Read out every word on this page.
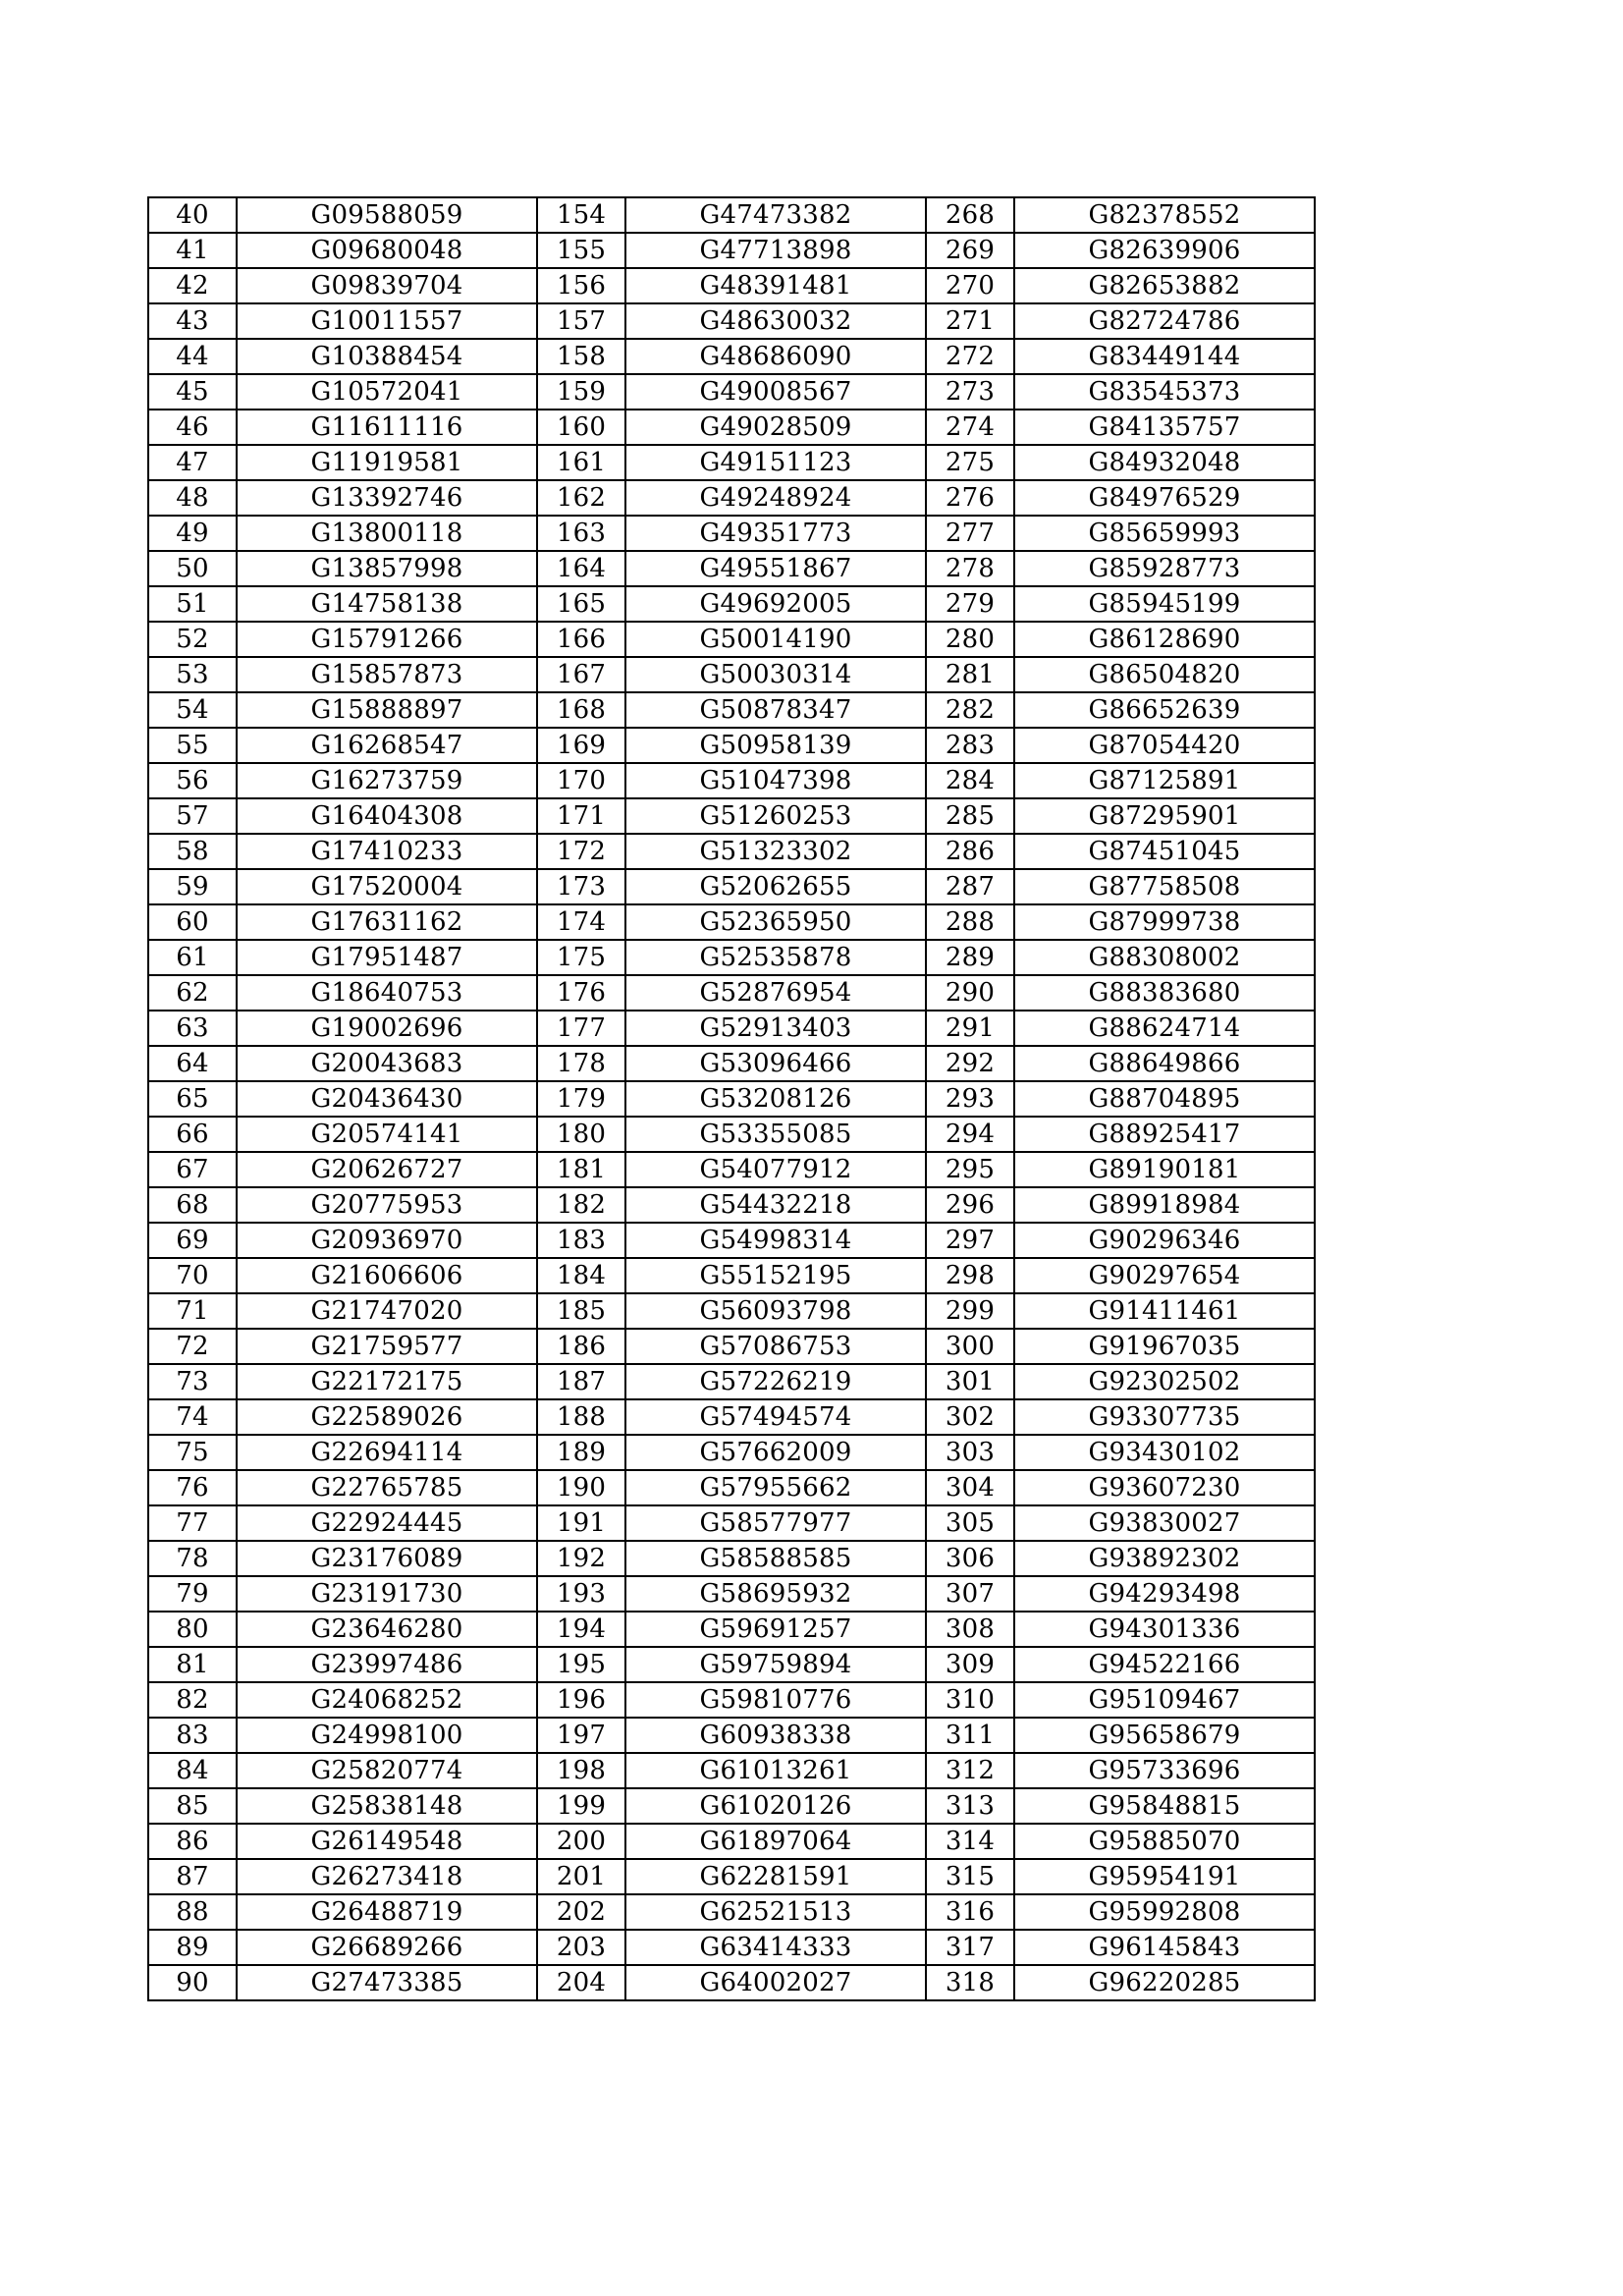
40	G09588059	154	G47473382	268	G82378552
41	G09680048	155	G47713898	269	G82639906
42	G09839704	156	G48391481	270	G82653882
43	G10011557	157	G48630032	271	G82724786
44	G10388454	158	G48686090	272	G83449144
45	G10572041	159	G49008567	273	G83545373
46	G11611116	160	G49028509	274	G84135757
47	G11919581	161	G49151123	275	G84932048
48	G13392746	162	G49248924	276	G84976529
49	G13800118	163	G49351773	277	G85659993
50	G13857998	164	G49551867	278	G85928773
51	G14758138	165	G49692005	279	G85945199
52	G15791266	166	G50014190	280	G86128690
53	G15857873	167	G50030314	281	G86504820
54	G15888897	168	G50878347	282	G86652639
55	G16268547	169	G50958139	283	G87054420
56	G16273759	170	G51047398	284	G87125891
57	G16404308	171	G51260253	285	G87295901
58	G17410233	172	G51323302	286	G87451045
59	G17520004	173	G52062655	287	G87758508
60	G17631162	174	G52365950	288	G87999738
61	G17951487	175	G52535878	289	G88308002
62	G18640753	176	G52876954	290	G88383680
63	G19002696	177	G52913403	291	G88624714
64	G20043683	178	G53096466	292	G88649866
65	G20436430	179	G53208126	293	G88704895
66	G20574141	180	G53355085	294	G88925417
67	G20626727	181	G54077912	295	G89190181
68	G20775953	182	G54432218	296	G89918984
69	G20936970	183	G54998314	297	G90296346
70	G21606606	184	G55152195	298	G90297654
71	G21747020	185	G56093798	299	G91411461
72	G21759577	186	G57086753	300	G91967035
73	G22172175	187	G57226219	301	G92302502
74	G22589026	188	G57494574	302	G93307735
75	G22694114	189	G57662009	303	G93430102
76	G22765785	190	G57955662	304	G93607230
77	G22924445	191	G58577977	305	G93830027
78	G23176089	192	G58588585	306	G93892302
79	G23191730	193	G58695932	307	G94293498
80	G23646280	194	G59691257	308	G94301336
81	G23997486	195	G59759894	309	G94522166
82	G24068252	196	G59810776	310	G95109467
83	G24998100	197	G60938338	311	G95658679
84	G25820774	198	G61013261	312	G95733696
85	G25838148	199	G61020126	313	G95848815
86	G26149548	200	G61897064	314	G95885070
87	G26273418	201	G62281591	315	G95954191
88	G26488719	202	G62521513	316	G95992808
89	G26689266	203	G63414333	317	G96145843
90	G27473385	204	G64002027	318	G96220285
